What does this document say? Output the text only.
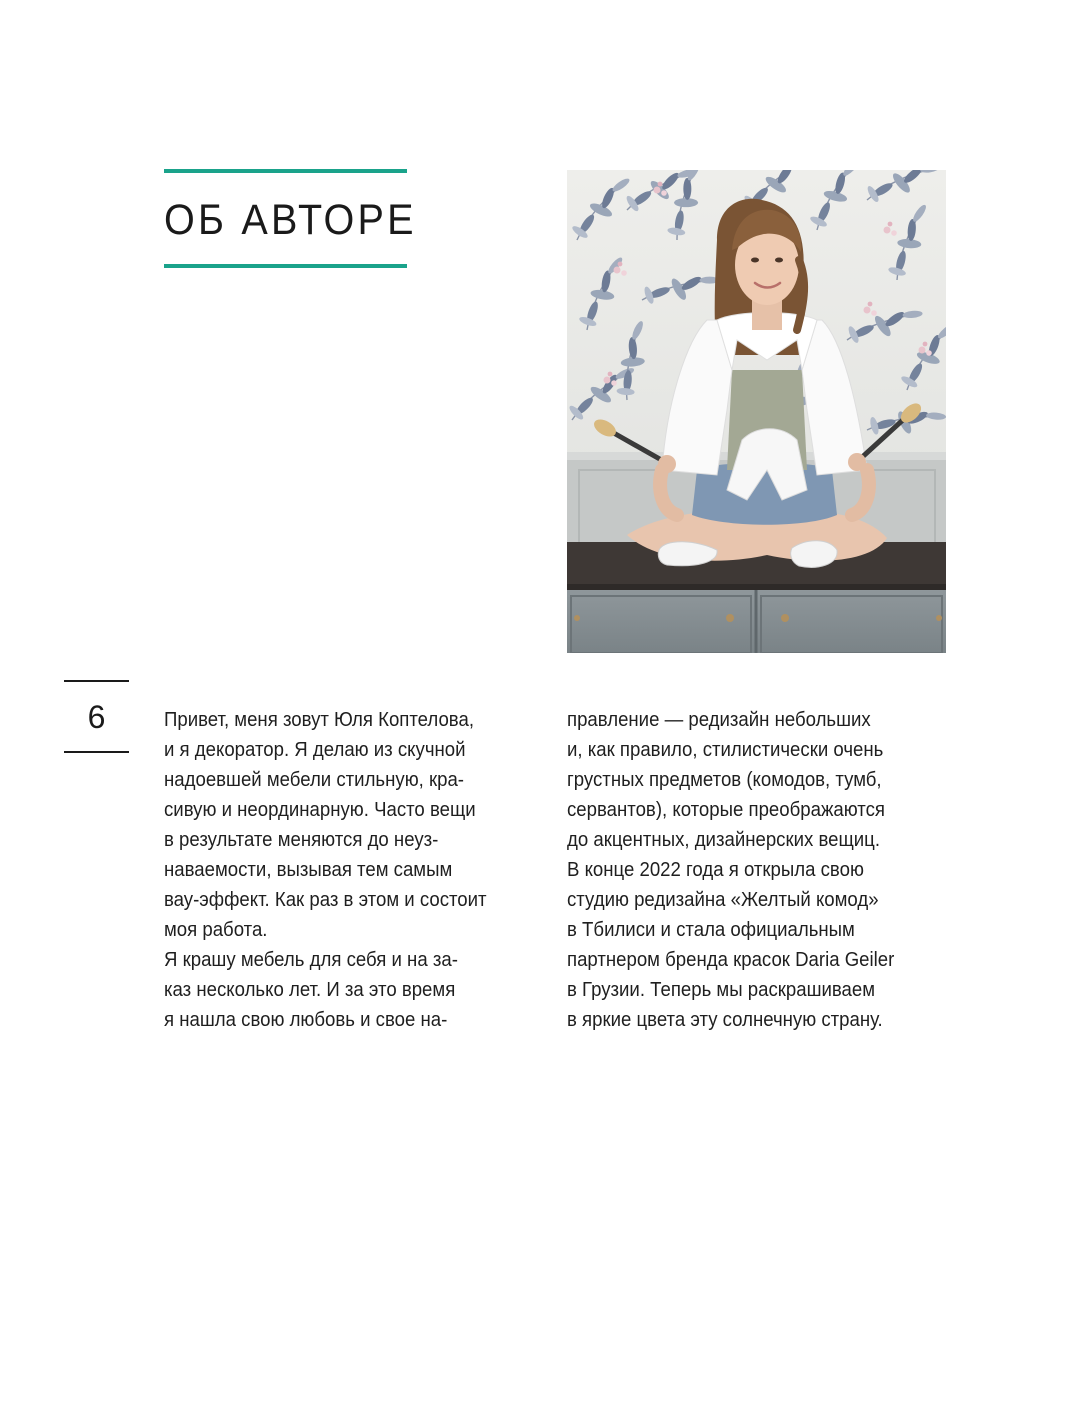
ОБ АВТОРЕ
6	Привет, меня зовут Юля Коптелова,
и я декоратор. Я делаю из скучной
надоевшей мебели стильную, кра-
сивую и неординарную. Часто вещи
в результате меняются до неуз-
наваемости, вызывая тем самым
вау-эффект. Как раз в этом и состоит
моя работа.
Я крашу мебель для себя и на за-
каз несколько лет. И за это время
я нашла свою любовь и свое на-

правление — редизайн небольших
и, как правило, стилистически очень
грустных предметов (комодов, тумб,
сервантов), которые преображаются
до акцентных, дизайнерских вещиц.
В конце 2022 года я открыла свою
студию редизайна «Желтый комод»
в Тбилиси и стала официальным
партнером бренда красок Daria Geiler
в Грузии. Теперь мы раскрашиваем
в яркие цвета эту солнечную страну.
